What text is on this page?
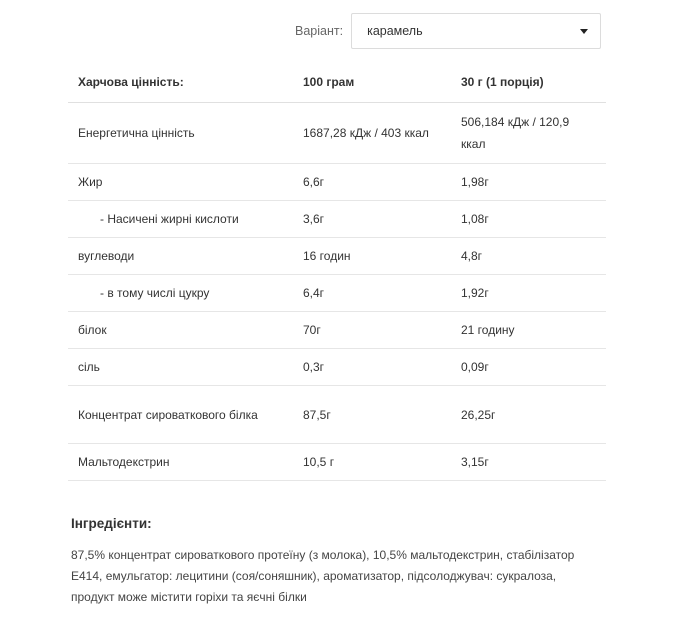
Варіант: карамель
Харчова цінність:	100 грам	30 г (1 порція)
Енергетична цінність	1687,28 кДж / 403 ккал	506,184 кДж / 120,9 ккал
Жир	6,6г	1,98г
- Насичені жирні кислоти	3,6г	1,08г
вуглеводи	16 годин	4,8г
- в тому числі цукру	6,4г	1,92г
білок	70г	21 годину
сіль	0,3г	0,09г
Концентрат сироваткового білка	87,5г	26,25г
Мальтодекстрин	10,5 г	3,15г

Інгредієнти:

87,5% концентрат сироваткового протеїну (з молока), 10,5% мальтодекстрин, стабілізатор E414, емульгатор: лецитини (соя/соняшник), ароматизатор, підсолоджувач: сукралоза, продукт може містити горіхи та яєчні білки
